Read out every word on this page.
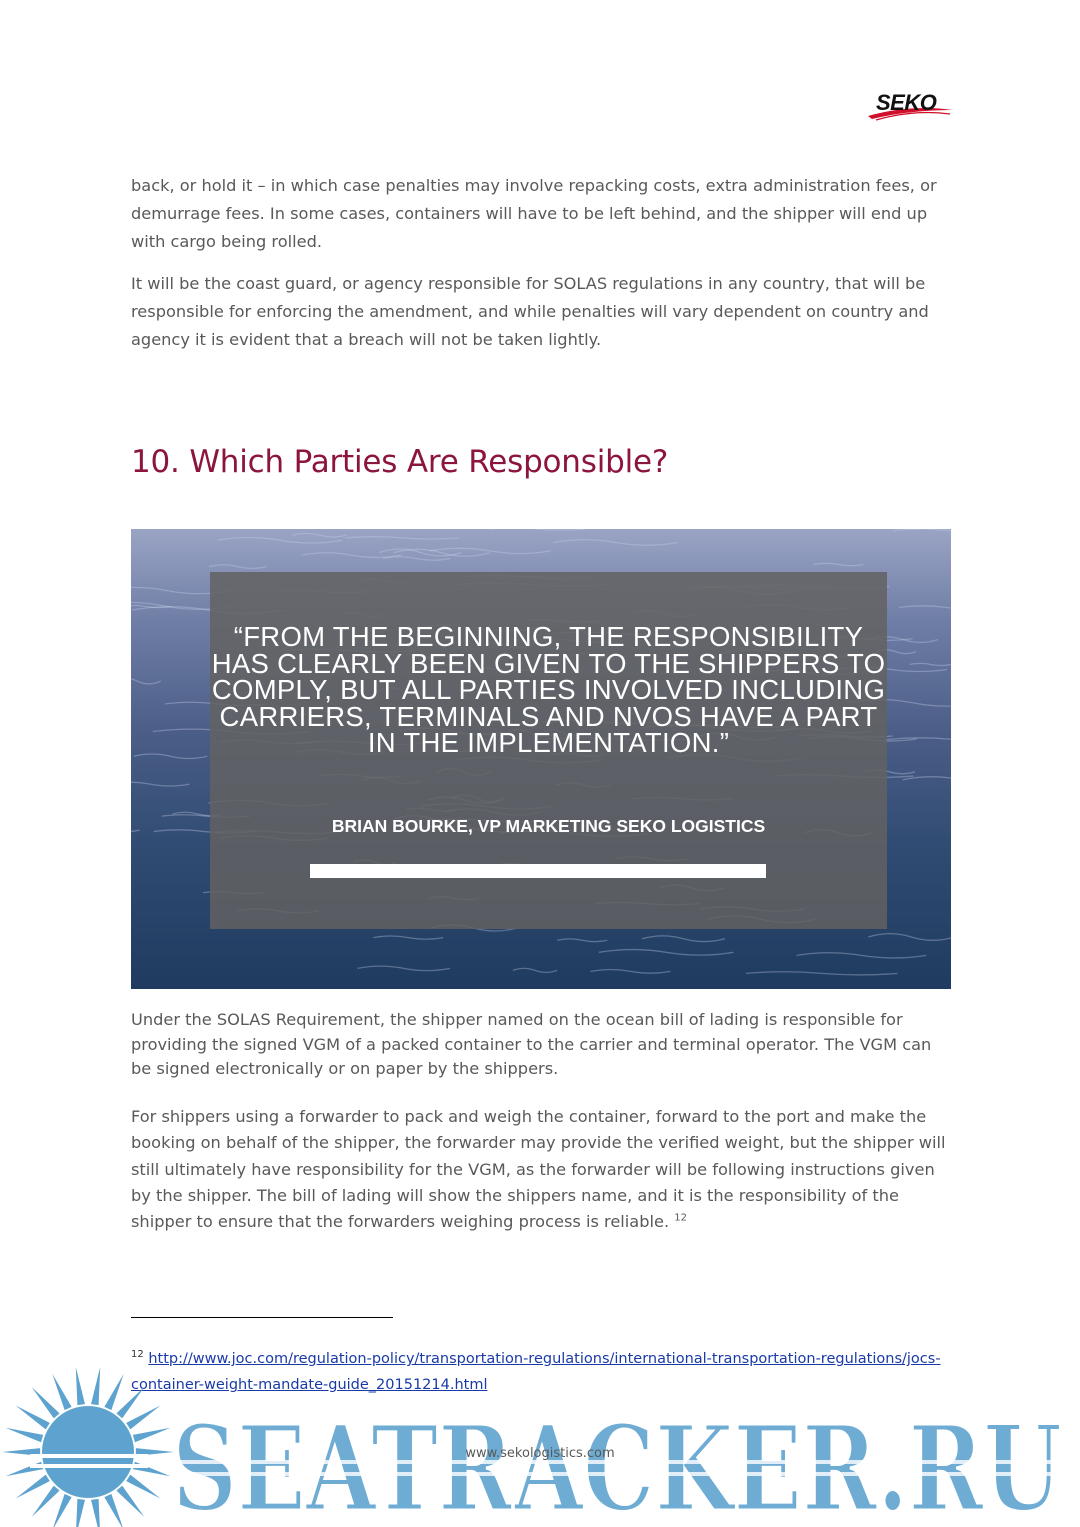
SEKO

back, or hold it – in which case penalties may involve repacking costs, extra administration fees, or demurrage fees. In some cases, containers will have to be left behind, and the shipper will end up with cargo being rolled.

It will be the coast guard, or agency responsible for SOLAS regulations in any country, that will be responsible for enforcing the amendment, and while penalties will vary dependent on country and agency it is evident that a breach will not be taken lightly.

10. Which Parties Are Responsible?

“FROM THE BEGINNING, THE RESPONSIBILITY HAS CLEARLY BEEN GIVEN TO THE SHIPPERS TO COMPLY, BUT ALL PARTIES INVOLVED INCLUDING CARRIERS, TERMINALS AND NVOS HAVE A PART IN THE IMPLEMENTATION.”

BRIAN BOURKE, VP MARKETING SEKO LOGISTICS

Under the SOLAS Requirement, the shipper named on the ocean bill of lading is responsible for providing the signed VGM of a packed container to the carrier and terminal operator. The VGM can be signed electronically or on paper by the shippers.

For shippers using a forwarder to pack and weigh the container, forward to the port and make the booking on behalf of the shipper, the forwarder may provide the verified weight, but the shipper will still ultimately have responsibility for the VGM, as the forwarder will be following instructions given by the shipper. The bill of lading will show the shippers name, and it is the responsibility of the shipper to ensure that the forwarders weighing process is reliable. $^{12}$

$^{12}$ http://www.joc.com/regulation-policy/transportation-regulations/international-transportation-regulations/jocs-container-weight-mandate-guide_20151214.html

SEATRACKER.RU

www.sekologistics.com
